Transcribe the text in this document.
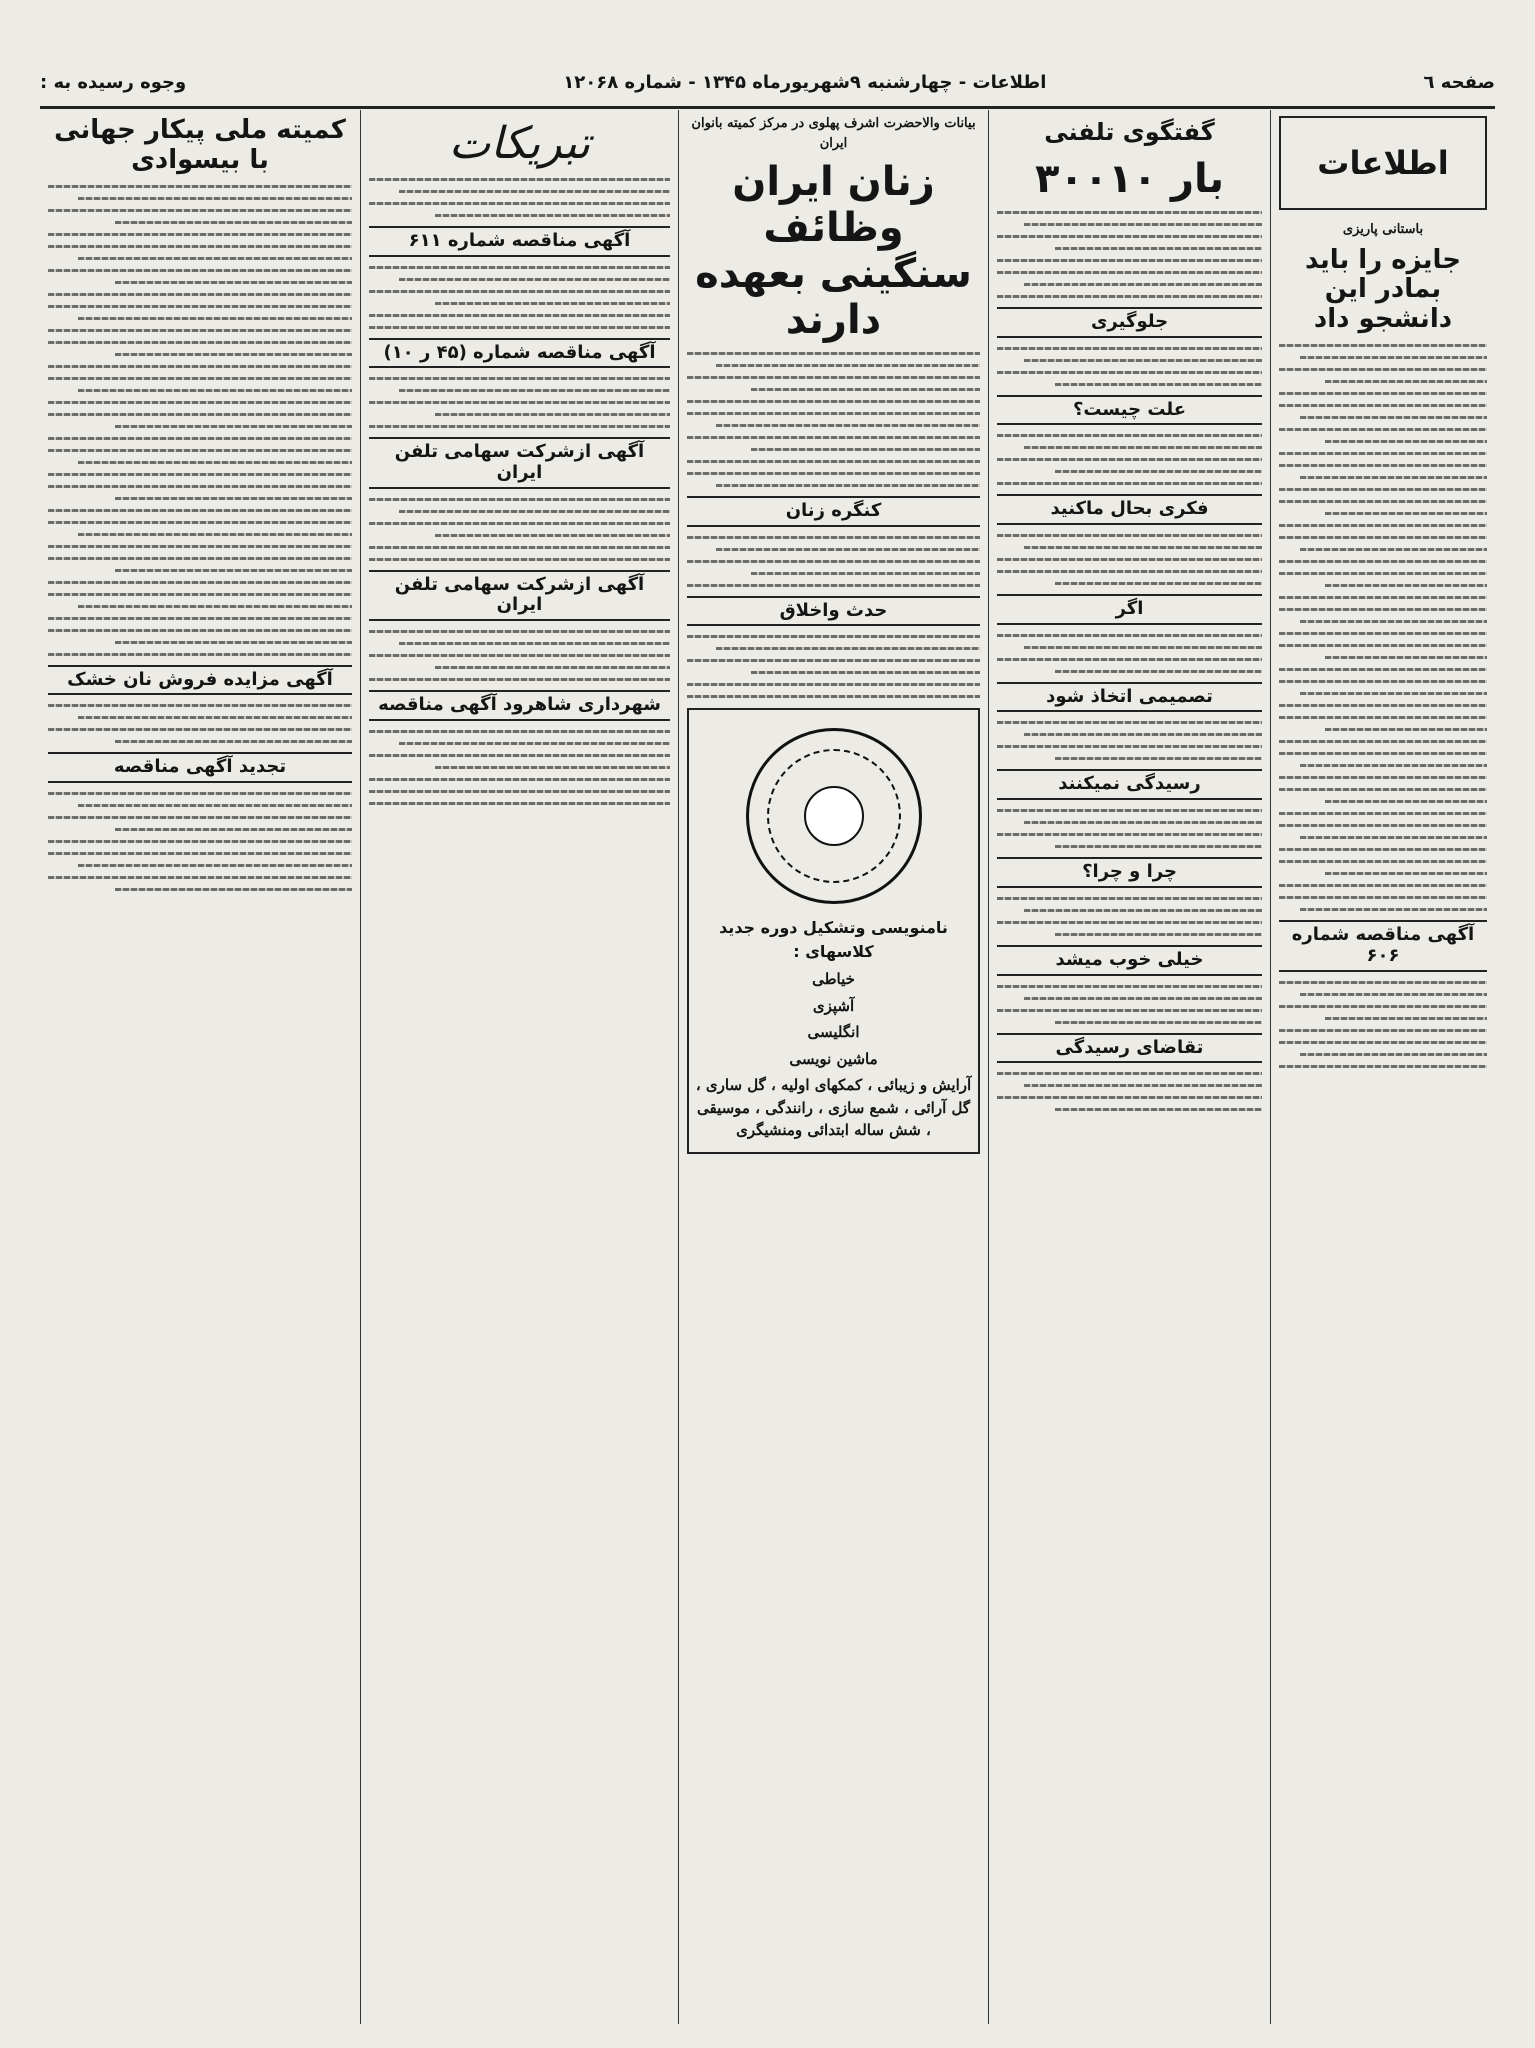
صفحه ٦
اطلاعات - چهارشنبه ۹شهریورماه ۱۳۴۵ - شماره ۱۲۰۶۸
وجوه رسیده به :
اطلاعات

باستانی پاریزی

جایزه را باید بمادر این دانشجو داد
آگهی مناقصه شماره ۶۰۶

گفتگوی تلفنی

بار ۳۰۰۱۰
جلوگیری
علت چیست؟
فکری بحال ماکنید
اگر
تصمیمی اتخاذ شود
رسیدگی نمیکنند
چرا و چرا؟
خیلی خوب میشد
تقاضای رسیدگی

بیانات والاحضرت اشرف پهلوی در مرکز کمیته بانوان ایران

زنان ایران وظائف سنگینی بعهده دارند
کنگره زنان
حدث واخلاق

نامنویسی وتشکیل دوره جدید کلاسهای :

خیاطی

آشپزی

انگلیسی

ماشین نویسی

آرایش و زیبائی ، کمکهای اولیه ، گل ساری ، گل آرائی ، شمع سازی ، رانندگی ، موسیقی ، شش ساله ابتدائی ومنشیگری

تبریکات
آگهی مناقصه شماره ۶۱۱
آگهی مناقصه شماره (۴۵ ر ۱۰)
آگهی ازشرکت سهامی تلفن ایران
آگهی ازشرکت سهامی تلفن ایران
شهرداری شاهرود آگهی مناقصه
کمیته ملی پیکار جهانی با بیسوادی
آگهی مزایده فروش نان خشک
تجدید آگهی مناقصه
